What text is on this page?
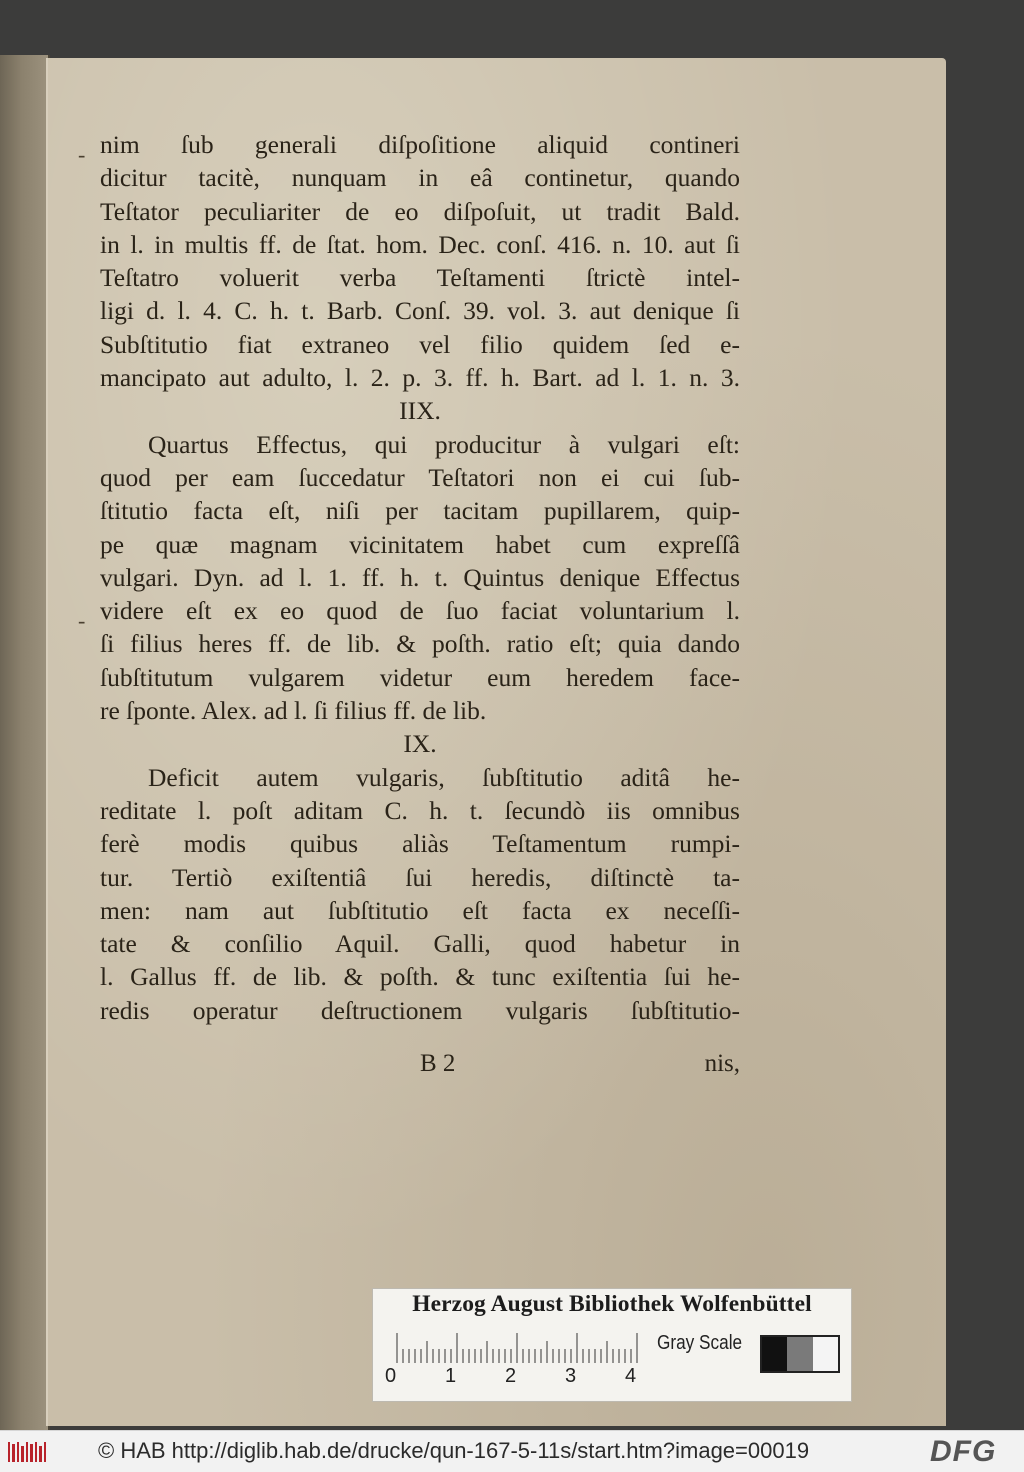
‑
‑
nim ſub generali diſpoſitione aliquid contineri
dicitur tacitè, nunquam in eâ continetur, quando
Teſtator peculiariter de eo diſpoſuit, ut tradit Bald.
in l. in multis ff. de ſtat. hom. Dec. conſ. 416. n. 10. aut ſi
Teſtatro voluerit verba Teſtamenti ſtrictè intel-
ligi d. l. 4. C. h. t. Barb. Conſ. 39. vol. 3. aut denique ſi
Subſtitutio fiat extraneo vel filio quidem ſed e-
mancipato aut adulto, l. 2. p. 3. ff. h. Bart. ad l. 1. n. 3.
IIX.
Quartus Effectus, qui producitur à vulgari eſt:
quod per eam ſuccedatur Teſtatori non ei cui ſub-
ſtitutio facta eſt, niſi per tacitam pupillarem, quip-
pe quæ magnam vicinitatem habet cum expreſſâ
vulgari. Dyn. ad l. 1. ff. h. t. Quintus denique Effectus
videre eſt ex eo quod de ſuo faciat voluntarium l.
ſi filius heres ff. de lib. & poſth. ratio eſt; quia dando
ſubſtitutum vulgarem videtur eum heredem face-
re ſponte. Alex. ad l. ſi filius ff. de lib.
IX.
Deficit autem vulgaris, ſubſtitutio aditâ he-
reditate l. poſt aditam C. h. t. ſecundò iis omnibus
ferè modis quibus aliàs Teſtamentum rumpi-
tur. Tertiò exiſtentiâ ſui heredis, diſtinctè ta-
men: nam aut ſubſtitutio eſt facta ex neceſſi-
tate & conſilio Aquil. Galli, quod habetur in
l. Gallus ff. de lib. & poſth. & tunc exiſtentia ſui he-
redis operatur deſtructionem vulgaris ſubſtitutio-
B 2	nis,
Herzog August Bibliothek Wolfenbüttel
0 1 2 3 4
Gray Scale
© HAB http://diglib.hab.de/drucke/qun-167-5-11s/start.htm?image=00019	DFG
